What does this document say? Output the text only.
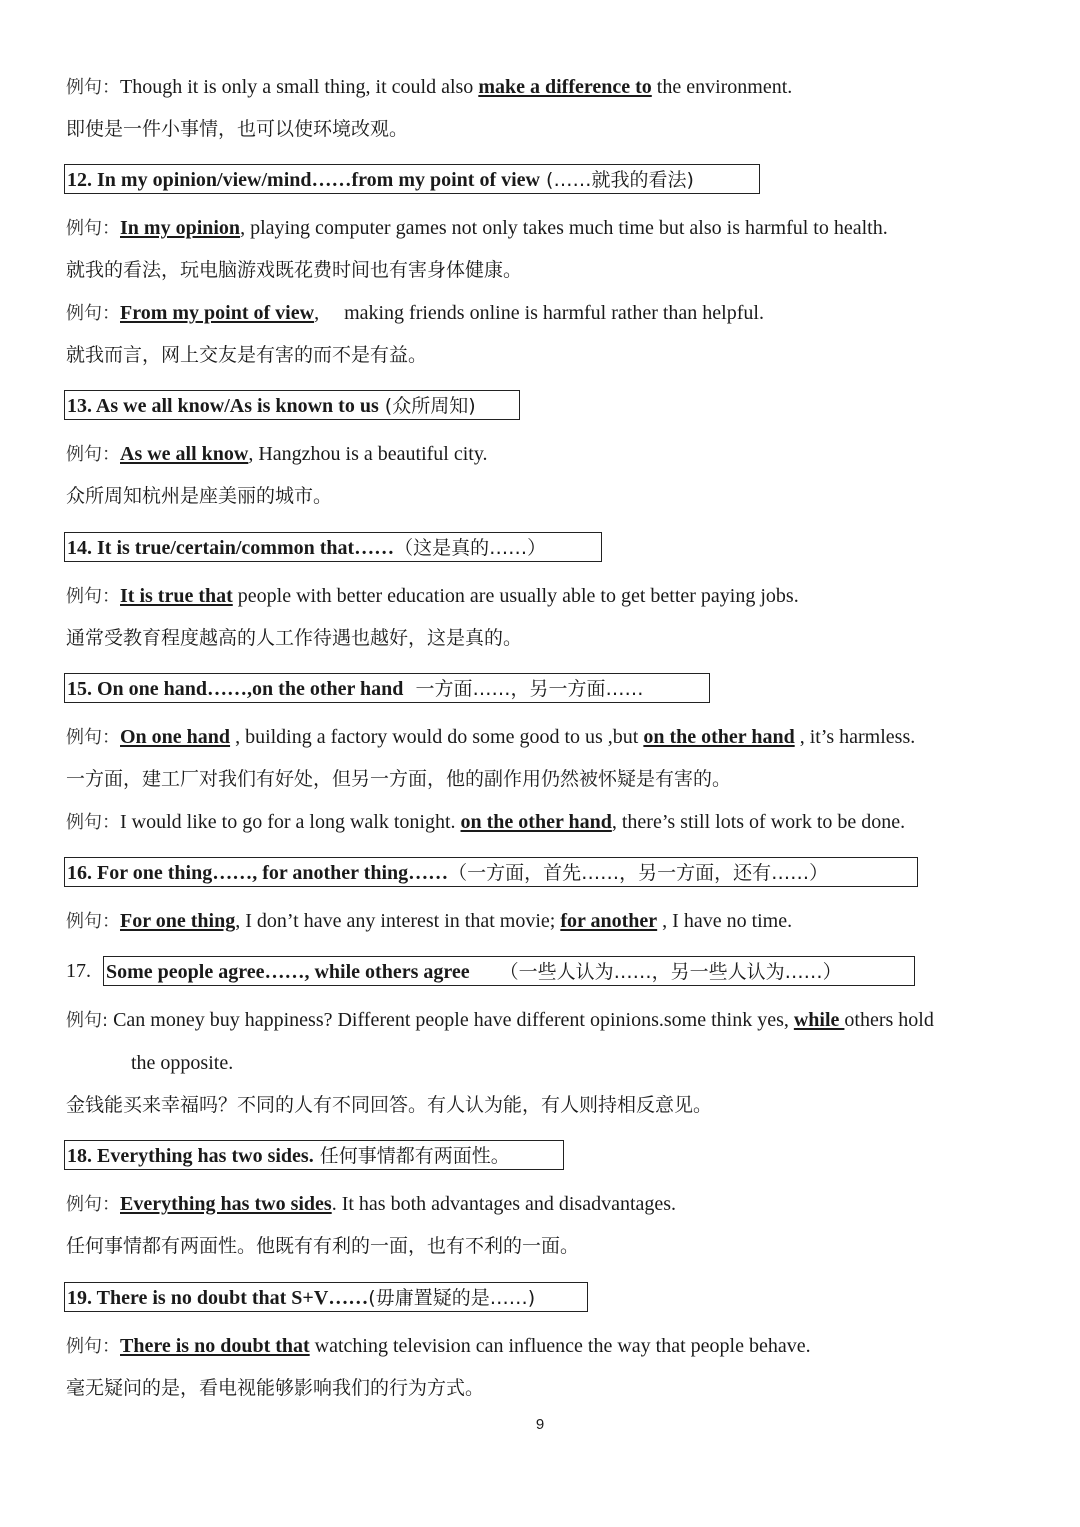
例句：Though it is only a small thing, it could also make a difference to the environment.
即使是一件小事情，也可以使环境改观。
12. In my opinion/view/mind……from my point of view (……就我的看法)
例句：In my opinion, playing computer games not only takes much time but also is harmful to health.
就我的看法，玩电脑游戏既花费时间也有害身体健康。
例句：From my point of view,     making friends online is harmful rather than helpful.
就我而言，网上交友是有害的而不是有益。
13. As we all know/As is known to us (众所周知)
例句：As we all know, Hangzhou is a beautiful city.
众所周知杭州是座美丽的城市。
14. It is true/certain/common that……（这是真的……）
例句：It is true that people with better education are usually able to get better paying jobs.
通常受教育程度越高的人工作待遇也越好，这是真的。
15. On one hand……,on the other hand  一方面……，另一方面……
例句：On one hand , building a factory would do some good to us ,but on the other hand , it’s harmless.
一方面，建工厂对我们有好处，但另一方面，他的副作用仍然被怀疑是有害的。
例句：I would like to go for a long walk tonight. on the other hand, there’s still lots of work to be done.
16. For one thing……, for another thing……（一方面，首先……，另一方面，还有……）
例句：For one thing, I don’t have any interest in that movie; for another , I have no time.
17. Some people agree……, while others agree （一些人认为……，另一些人认为……）
例句: Can money buy happiness? Different people have different opinions.some think yes, while others hold
the opposite.
金钱能买来幸福吗？不同的人有不同回答。有人认为能，有人则持相反意见。
18. Everything has two sides. 任何事情都有两面性。
例句：Everything has two sides. It has both advantages and disadvantages.
任何事情都有两面性。他既有有利的一面，也有不利的一面。
19. There is no doubt that S+V……(毋庸置疑的是……)
例句：There is no doubt that watching television can influence the way that people behave.
毫无疑问的是，看电视能够影响我们的行为方式。
9
